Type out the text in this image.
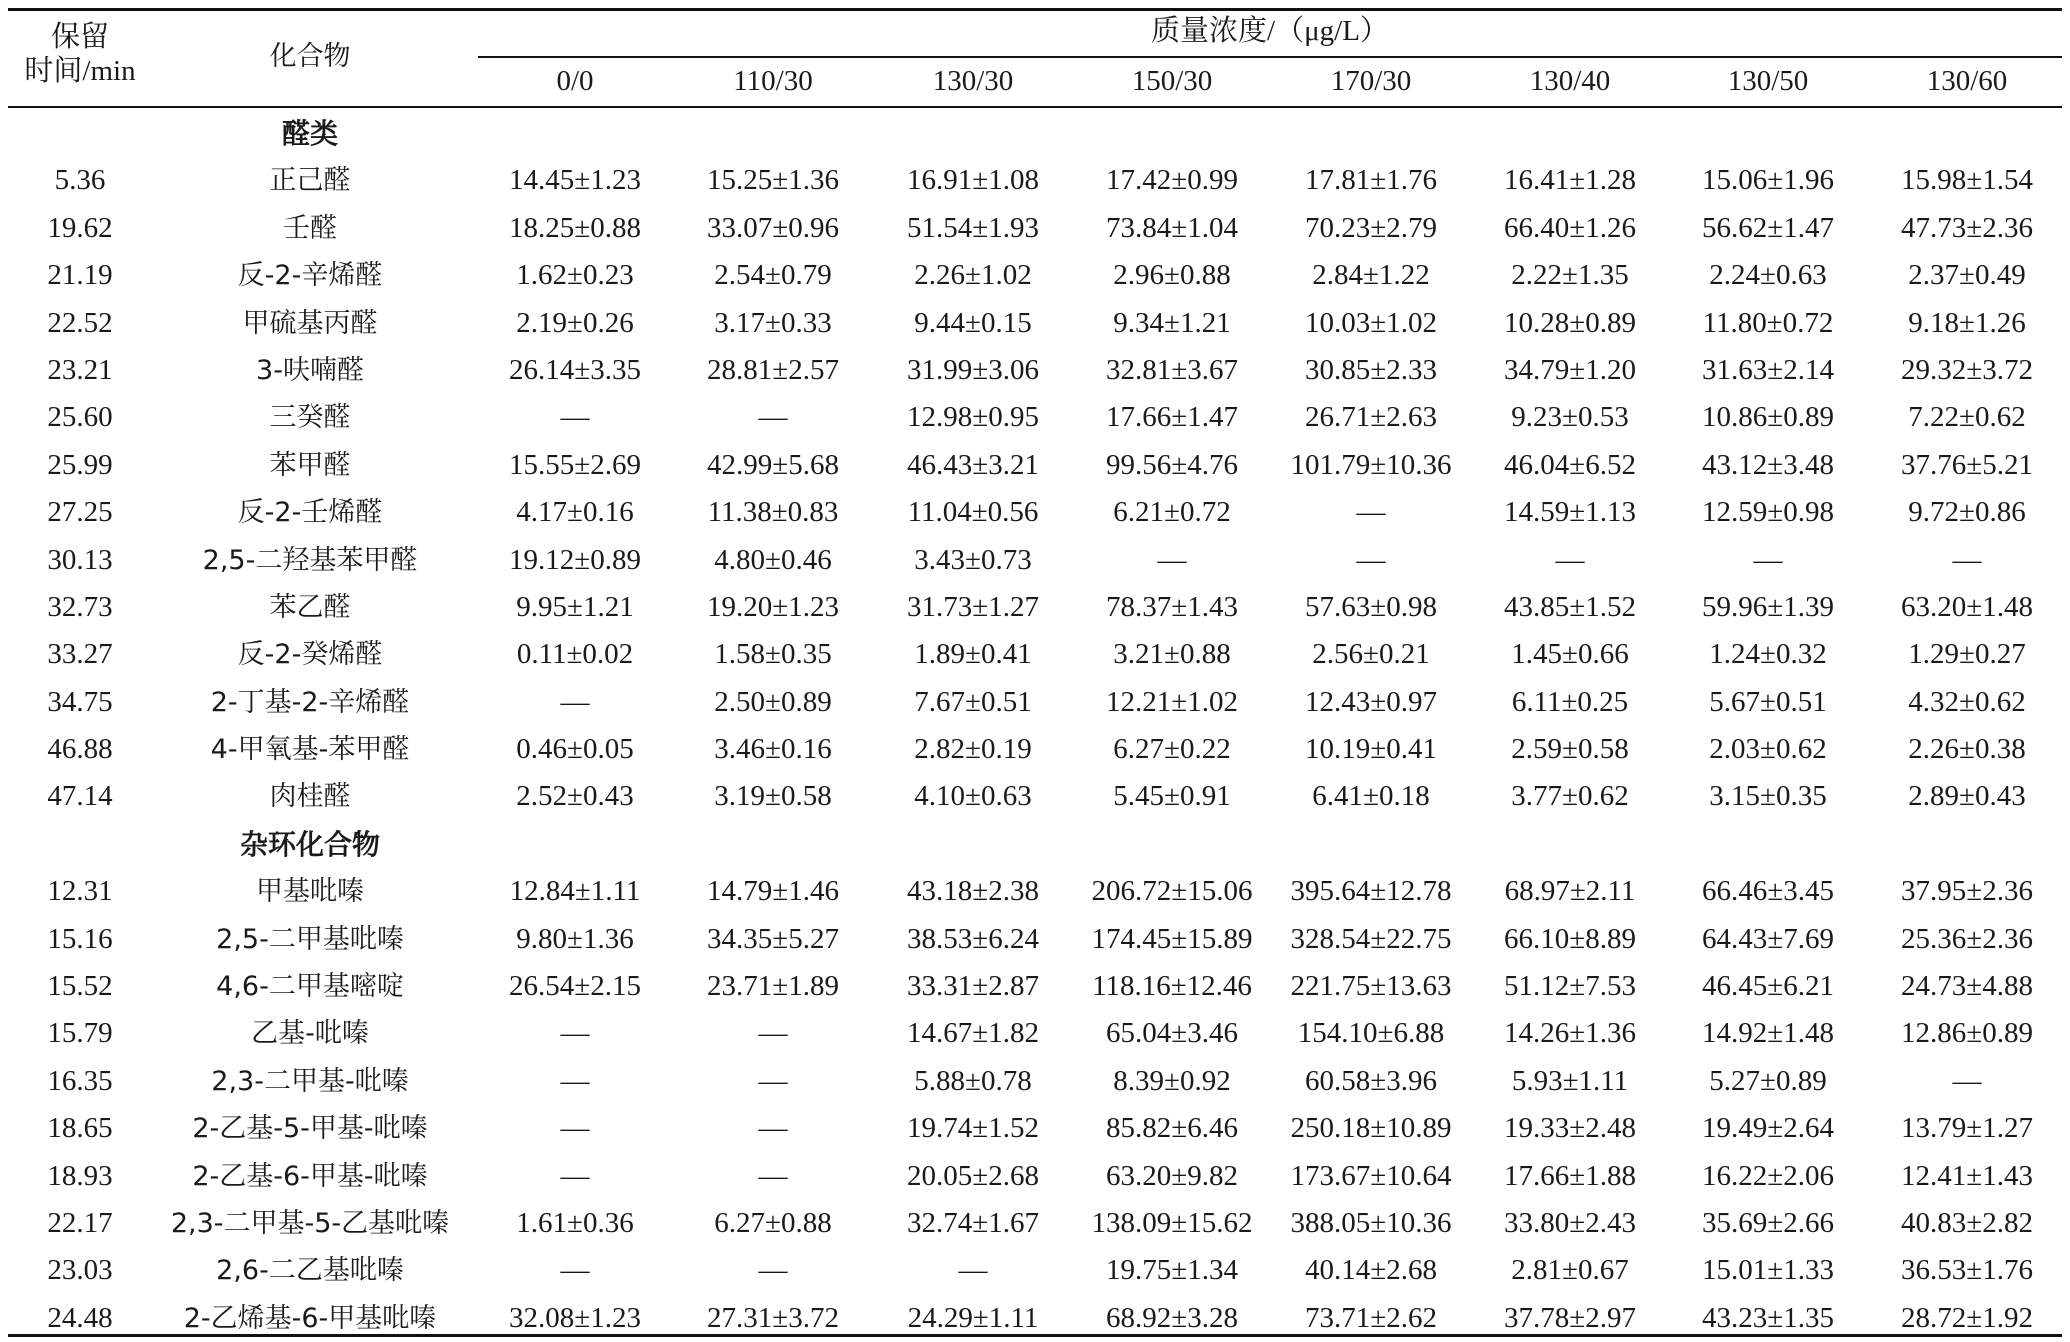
保留
时间/min	化合物
质量浓度/（μg/L）
0/0	110/30	130/30	150/30	170/30	130/40	130/50	130/60
醛类
5.36	正己醛	14.45±1.23	15.25±1.36	16.91±1.08	17.42±0.99	17.81±1.76	16.41±1.28	15.06±1.96	15.98±1.54
19.62	壬醛	18.25±0.88	33.07±0.96	51.54±1.93	73.84±1.04	70.23±2.79	66.40±1.26	56.62±1.47	47.73±2.36
21.19	反-2-辛烯醛	1.62±0.23	2.54±0.79	2.26±1.02	2.96±0.88	2.84±1.22	2.22±1.35	2.24±0.63	2.37±0.49
22.52	甲硫基丙醛	2.19±0.26	3.17±0.33	9.44±0.15	9.34±1.21	10.03±1.02	10.28±0.89	11.80±0.72	9.18±1.26
23.21	3-呋喃醛	26.14±3.35	28.81±2.57	31.99±3.06	32.81±3.67	30.85±2.33	34.79±1.20	31.63±2.14	29.32±3.72
25.60	三癸醛	—	—	12.98±0.95	17.66±1.47	26.71±2.63	9.23±0.53	10.86±0.89	7.22±0.62
25.99	苯甲醛	15.55±2.69	42.99±5.68	46.43±3.21	99.56±4.76	101.79±10.36	46.04±6.52	43.12±3.48	37.76±5.21
27.25	反-2-壬烯醛	4.17±0.16	11.38±0.83	11.04±0.56	6.21±0.72	—	14.59±1.13	12.59±0.98	9.72±0.86
30.13	2,5-二羟基苯甲醛	19.12±0.89	4.80±0.46	3.43±0.73	—	—	—	—	—
32.73	苯乙醛	9.95±1.21	19.20±1.23	31.73±1.27	78.37±1.43	57.63±0.98	43.85±1.52	59.96±1.39	63.20±1.48
33.27	反-2-癸烯醛	0.11±0.02	1.58±0.35	1.89±0.41	3.21±0.88	2.56±0.21	1.45±0.66	1.24±0.32	1.29±0.27
34.75	2-丁基-2-辛烯醛	—	2.50±0.89	7.67±0.51	12.21±1.02	12.43±0.97	6.11±0.25	5.67±0.51	4.32±0.62
46.88	4-甲氧基-苯甲醛	0.46±0.05	3.46±0.16	2.82±0.19	6.27±0.22	10.19±0.41	2.59±0.58	2.03±0.62	2.26±0.38
47.14	肉桂醛	2.52±0.43	3.19±0.58	4.10±0.63	5.45±0.91	6.41±0.18	3.77±0.62	3.15±0.35	2.89±0.43
杂环化合物
12.31	甲基吡嗪	12.84±1.11	14.79±1.46	43.18±2.38	206.72±15.06	395.64±12.78	68.97±2.11	66.46±3.45	37.95±2.36
15.16	2,5-二甲基吡嗪	9.80±1.36	34.35±5.27	38.53±6.24	174.45±15.89	328.54±22.75	66.10±8.89	64.43±7.69	25.36±2.36
15.52	4,6-二甲基嘧啶	26.54±2.15	23.71±1.89	33.31±2.87	118.16±12.46	221.75±13.63	51.12±7.53	46.45±6.21	24.73±4.88
15.79	乙基-吡嗪	—	—	14.67±1.82	65.04±3.46	154.10±6.88	14.26±1.36	14.92±1.48	12.86±0.89
16.35	2,3-二甲基-吡嗪	—	—	5.88±0.78	8.39±0.92	60.58±3.96	5.93±1.11	5.27±0.89	—
18.65	2-乙基-5-甲基-吡嗪	—	—	19.74±1.52	85.82±6.46	250.18±10.89	19.33±2.48	19.49±2.64	13.79±1.27
18.93	2-乙基-6-甲基-吡嗪	—	—	20.05±2.68	63.20±9.82	173.67±10.64	17.66±1.88	16.22±2.06	12.41±1.43
22.17	2,3-二甲基-5-乙基吡嗪	1.61±0.36	6.27±0.88	32.74±1.67	138.09±15.62	388.05±10.36	33.80±2.43	35.69±2.66	40.83±2.82
23.03	2,6-二乙基吡嗪	—	—	—	19.75±1.34	40.14±2.68	2.81±0.67	15.01±1.33	36.53±1.76
24.48	2-乙烯基-6-甲基吡嗪	32.08±1.23	27.31±3.72	24.29±1.11	68.92±3.28	73.71±2.62	37.78±2.97	43.23±1.35	28.72±1.92
